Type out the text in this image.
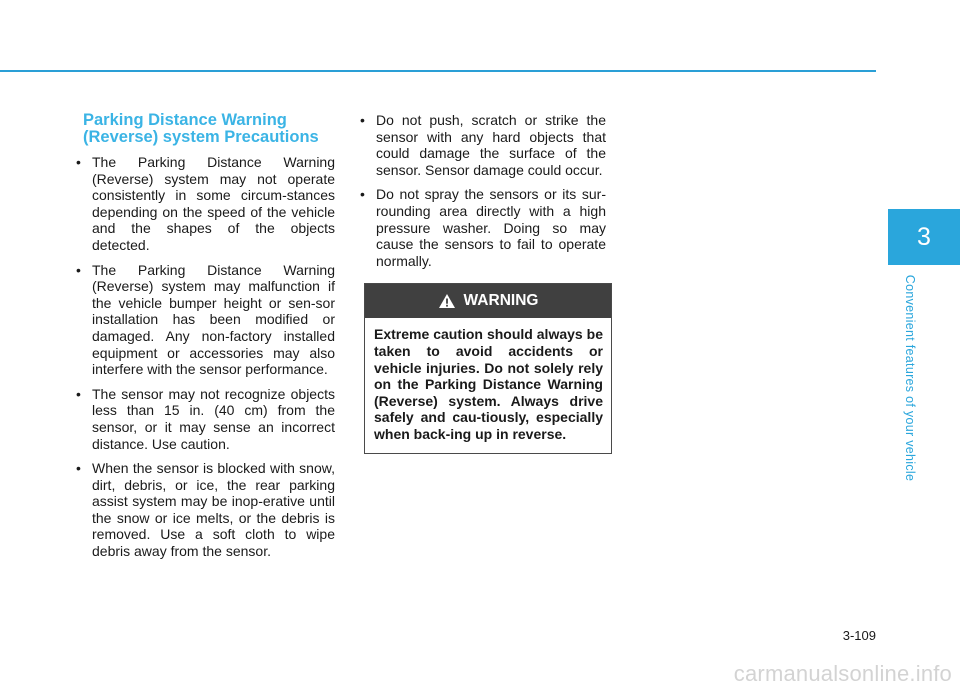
Parking Distance Warning
(Reverse) system Precautions
• The Parking Distance Warning (Reverse) system may not operate consistently in some circum-stances depending on the speed of the vehicle and the shapes of the objects detected.
• The Parking Distance Warning (Reverse) system may malfunction if the vehicle bumper height or sen-sor installation has been modified or damaged. Any non-factory installed equipment or accessories may also interfere with the sensor performance.
• The sensor may not recognize objects less than 15 in. (40 cm) from the sensor, or it may sense an incorrect distance. Use caution.
• When the sensor is blocked with snow, dirt, debris, or ice, the rear parking assist system may be inop-erative until the snow or ice melts, or the debris is removed. Use a soft cloth to wipe debris away from the sensor.
• Do not push, scratch or strike the sensor with any hard objects that could damage the surface of the sensor. Sensor damage could occur.
• Do not spray the sensors or its sur-rounding area directly with a high pressure washer. Doing so may cause the sensors to fail to operate normally.
WARNING
Extreme caution should always be taken to avoid accidents or vehicle injuries. Do not solely rely on the Parking Distance Warning (Reverse) system. Always drive safely and cau-tiously, especially when back-ing up in reverse.
3
Convenient features of your vehicle
3-109
carmanualsonline.info
